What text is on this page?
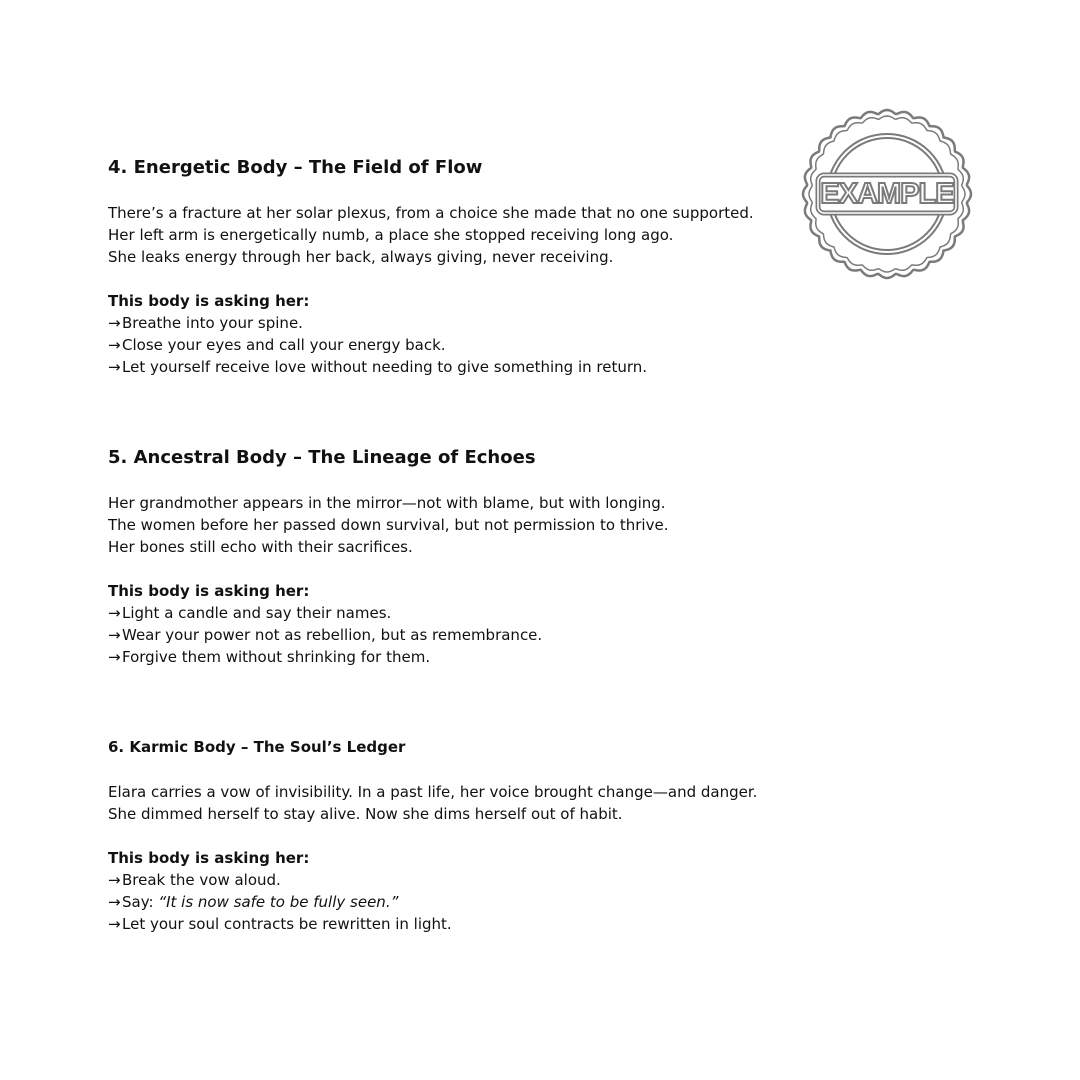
4. Energetic Body – The Field of Flow
There’s a fracture at her solar plexus, from a choice she made that no one supported.
Her left arm is energetically numb, a place she stopped receiving long ago.
She leaks energy through her back, always giving, never receiving.
This body is asking her:
→Breathe into your spine.
→Close your eyes and call your energy back.
→Let yourself receive love without needing to give something in return.
5. Ancestral Body – The Lineage of Echoes
Her grandmother appears in the mirror—not with blame, but with longing.
The women before her passed down survival, but not permission to thrive.
Her bones still echo with their sacrifices.
This body is asking her:
→Light a candle and say their names.
→Wear your power not as rebellion, but as remembrance.
→Forgive them without shrinking for them.
6. Karmic Body – The Soul’s Ledger
Elara carries a vow of invisibility. In a past life, her voice brought change—and danger.
She dimmed herself to stay alive. Now she dims herself out of habit.
This body is asking her:
→Break the vow aloud.
→Say: “It is now safe to be fully seen.”
→Let your soul contracts be rewritten in light.
EXAMPLE
